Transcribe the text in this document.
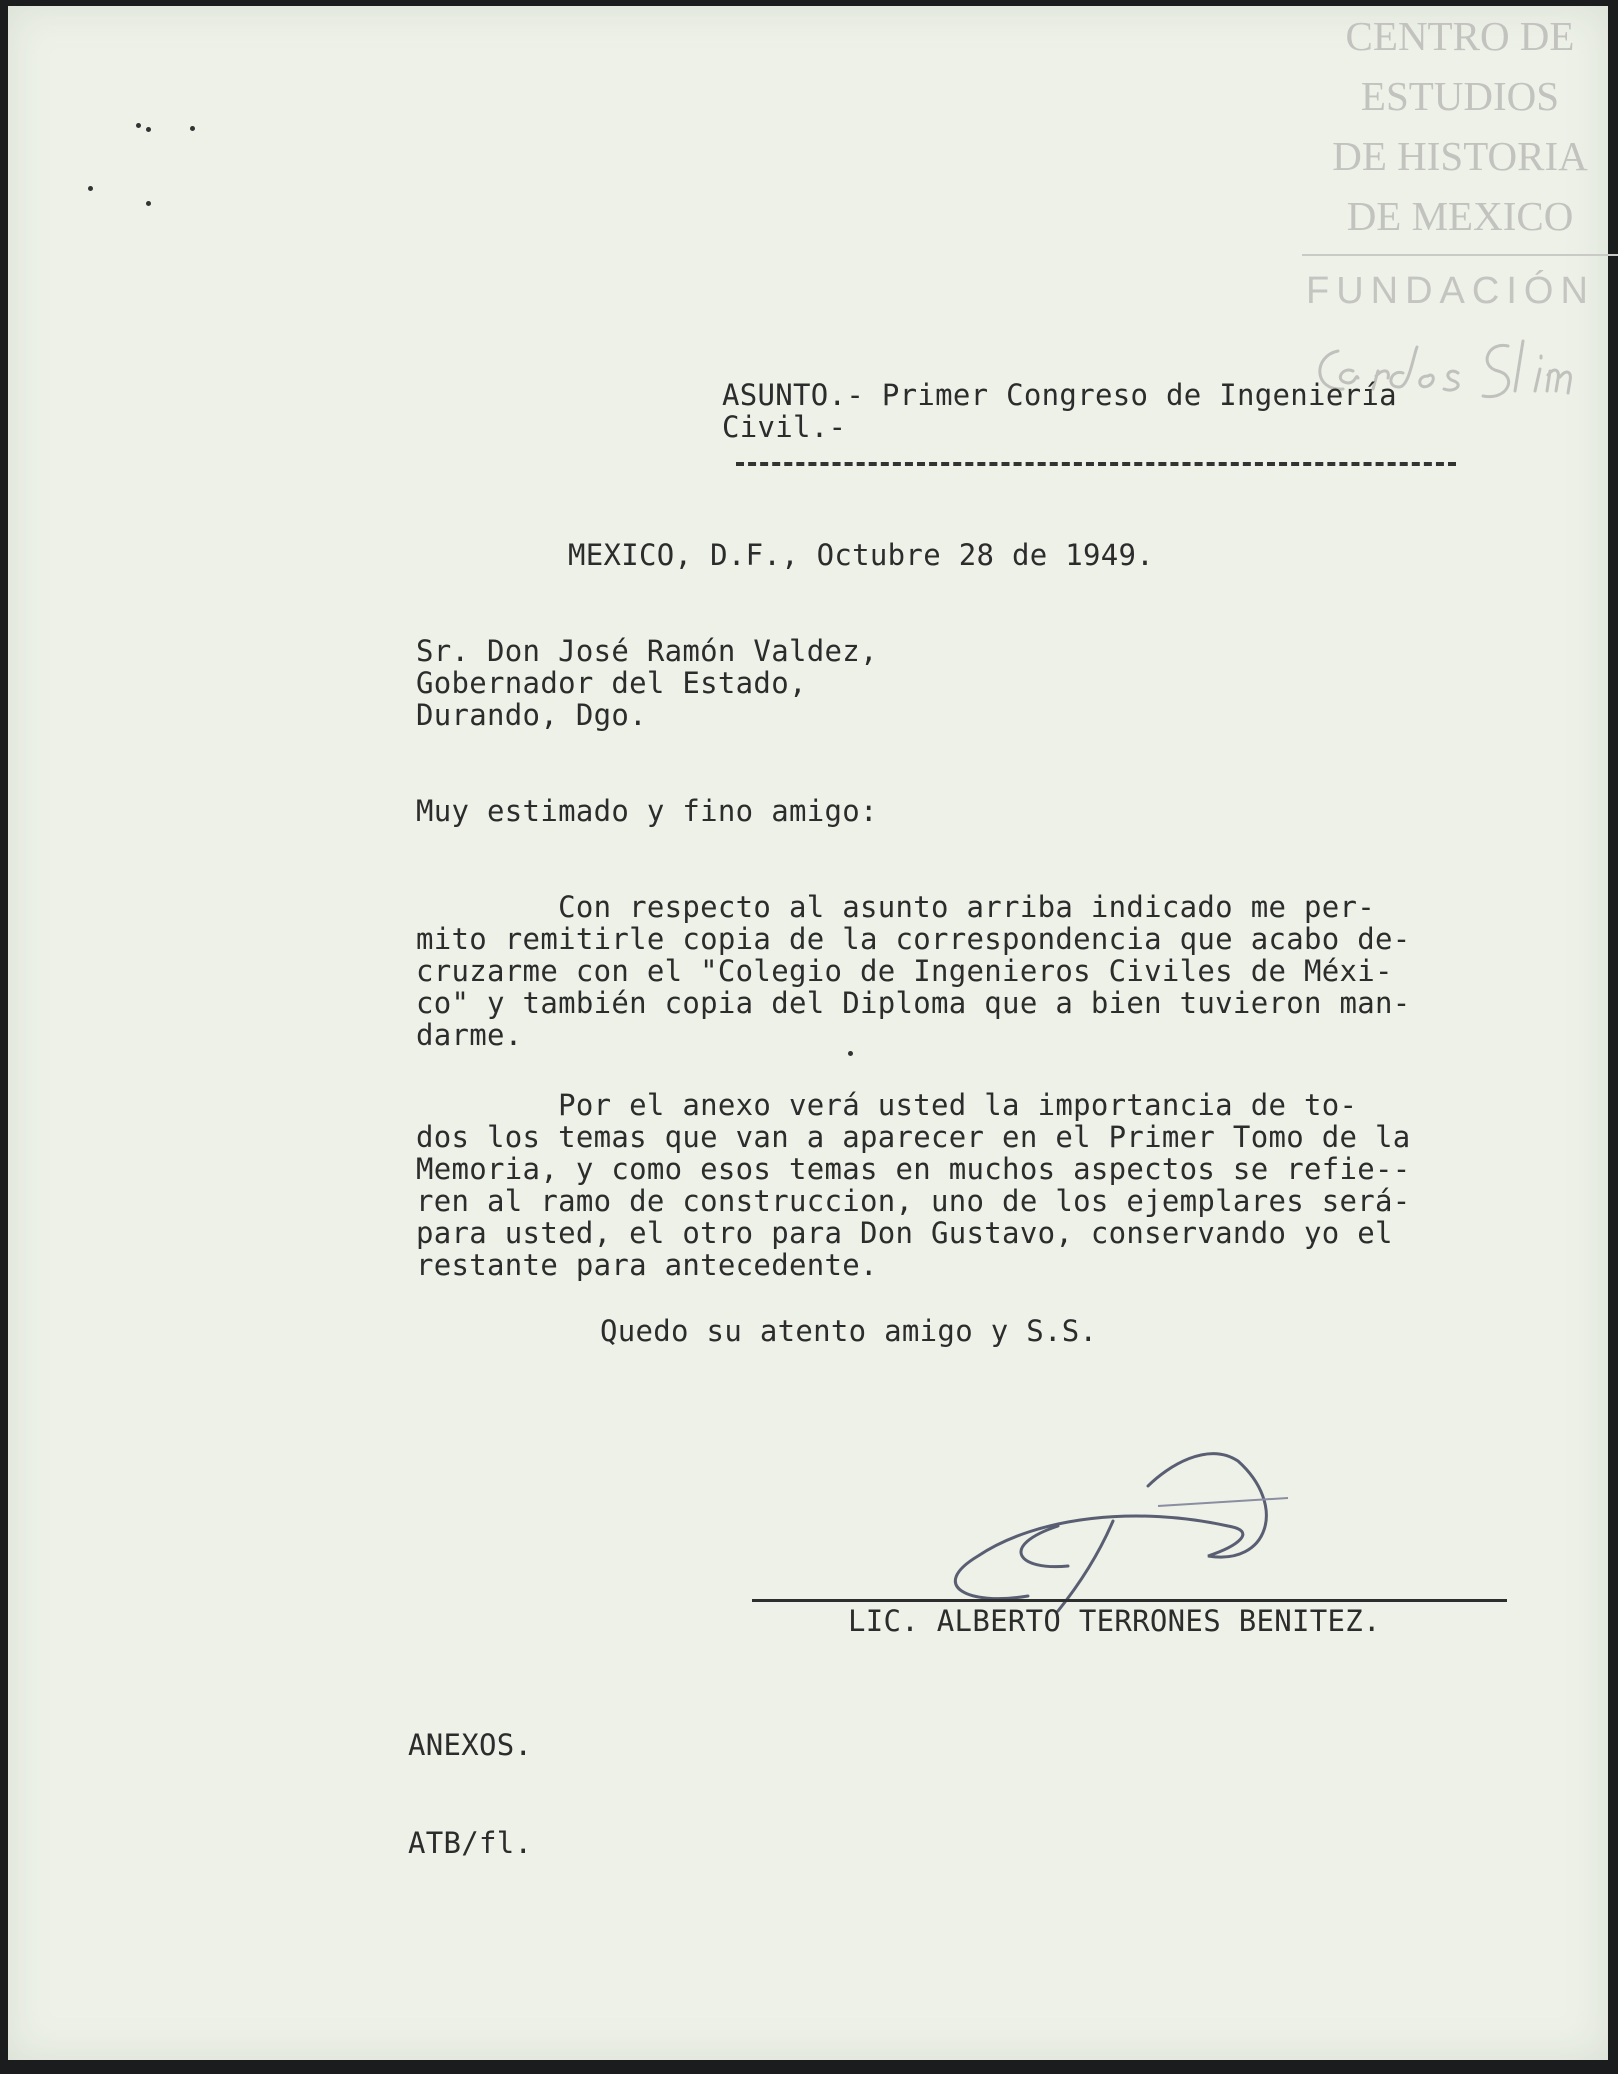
CENTRO DE
ESTUDIOS
DE HISTORIA
DE MEXICO
FUNDACIÓN
ASUNTO.- Primer Congreso de Ingeniería
Civil.-
MEXICO, D.F., Octubre 28 de 1949.
Sr. Don José Ramón Valdez,
Gobernador del Estado,
Durando, Dgo.
Muy estimado y fino amigo:
Con respecto al asunto arriba indicado me per-
mito remitirle copia de la correspondencia que acabo de-
cruzarme con el "Colegio de Ingenieros Civiles de Méxi-
co" y también copia del Diploma que a bien tuvieron man-
darme.
Por el anexo verá usted la importancia de to-
dos los temas que van a aparecer en el Primer Tomo de la
Memoria, y como esos temas en muchos aspectos se refie--
ren al ramo de construccion, uno de los ejemplares será-
para usted, el otro para Don Gustavo, conservando yo el
restante para antecedente.
Quedo su atento amigo y S.S.
LIC. ALBERTO TERRONES BENITEZ.
ANEXOS.
ATB/fl.
